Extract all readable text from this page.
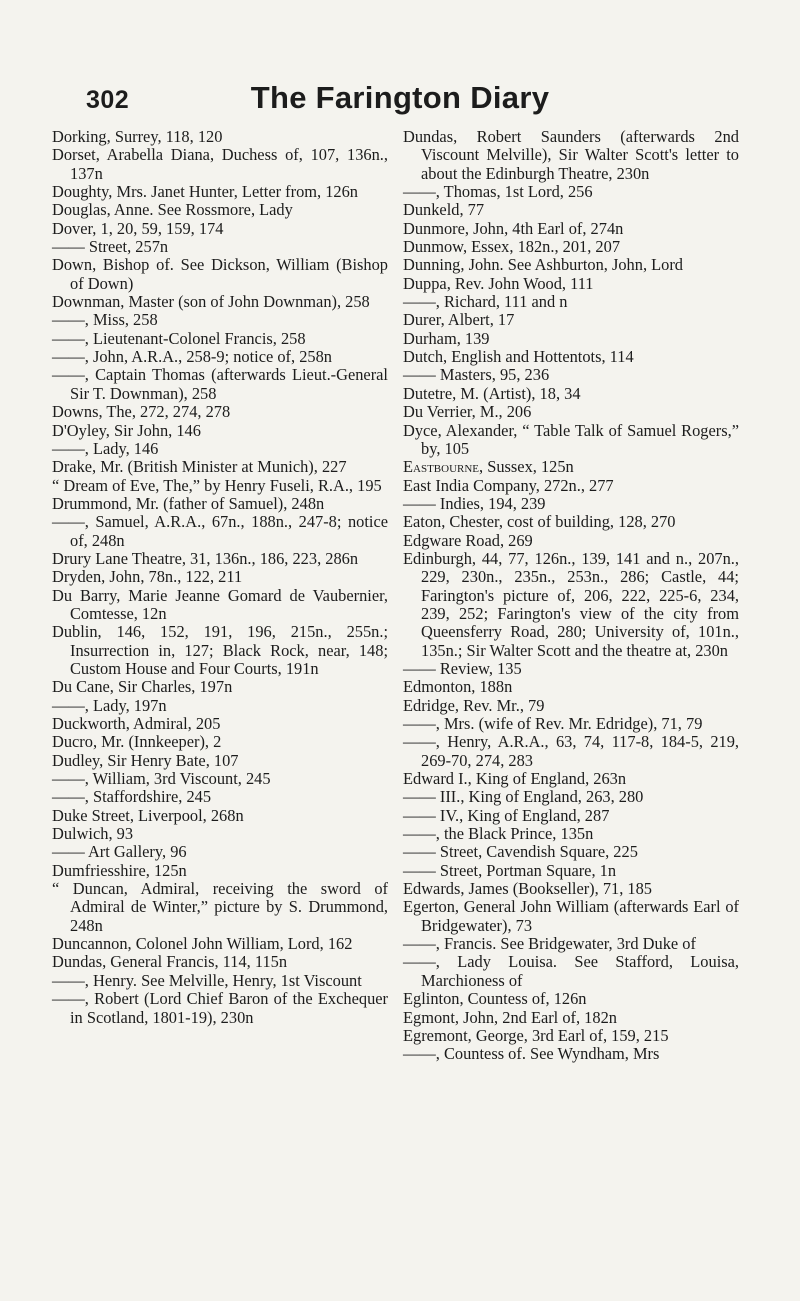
302	The Farington Diary
Dorking, Surrey, 118, 120
Dorset, Arabella Diana, Duchess of, 107, 136n., 137n
Doughty, Mrs. Janet Hunter, Letter from, 126n
Douglas, Anne. See Rossmore, Lady
Dover, 1, 20, 59, 159, 174
—— Street, 257n
Down, Bishop of. See Dickson, William (Bishop of Down)
Downman, Master (son of John Downman), 258
——, Miss, 258
——, Lieutenant-Colonel Francis, 258
——, John, A.R.A., 258-9; notice of, 258n
——, Captain Thomas (afterwards Lieut.-General Sir T. Downman), 258
Downs, The, 272, 274, 278
D'Oyley, Sir John, 146
——, Lady, 146
Drake, Mr. (British Minister at Munich), 227
“ Dream of Eve, The,” by Henry Fuseli, R.A., 195
Drummond, Mr. (father of Samuel), 248n
——, Samuel, A.R.A., 67n., 188n., 247-8; notice of, 248n
Drury Lane Theatre, 31, 136n., 186, 223, 286n
Dryden, John, 78n., 122, 211
Du Barry, Marie Jeanne Gomard de Vaubernier, Comtesse, 12n
Dublin, 146, 152, 191, 196, 215n., 255n.; Insurrection in, 127; Black Rock, near, 148; Custom House and Four Courts, 191n
Du Cane, Sir Charles, 197n
——, Lady, 197n
Duckworth, Admiral, 205
Ducro, Mr. (Innkeeper), 2
Dudley, Sir Henry Bate, 107
——, William, 3rd Viscount, 245
——, Staffordshire, 245
Duke Street, Liverpool, 268n
Dulwich, 93
—— Art Gallery, 96
Dumfriesshire, 125n
“ Duncan, Admiral, receiving the sword of Admiral de Winter,” picture by S. Drummond, 248n
Duncannon, Colonel John William, Lord, 162
Dundas, General Francis, 114, 115n
——, Henry. See Melville, Henry, 1st Viscount
——, Robert (Lord Chief Baron of the Exchequer in Scotland, 1801-19), 230n
Dundas, Robert Saunders (afterwards 2nd Viscount Melville), Sir Walter Scott's letter to about the Edinburgh Theatre, 230n
——, Thomas, 1st Lord, 256
Dunkeld, 77
Dunmore, John, 4th Earl of, 274n
Dunmow, Essex, 182n., 201, 207
Dunning, John. See Ashburton, John, Lord
Duppa, Rev. John Wood, 111
——, Richard, 111 and n
Durer, Albert, 17
Durham, 139
Dutch, English and Hottentots, 114
—— Masters, 95, 236
Dutetre, M. (Artist), 18, 34
Du Verrier, M., 206
Dyce, Alexander, “ Table Talk of Samuel Rogers,” by, 105
Eastbourne, Sussex, 125n
East India Company, 272n., 277
—— Indies, 194, 239
Eaton, Chester, cost of building, 128, 270
Edgware Road, 269
Edinburgh, 44, 77, 126n., 139, 141 and n., 207n., 229, 230n., 235n., 253n., 286; Castle, 44; Farington's picture of, 206, 222, 225-6, 234, 239, 252; Farington's view of the city from Queensferry Road, 280; University of, 101n., 135n.; Sir Walter Scott and the theatre at, 230n
—— Review, 135
Edmonton, 188n
Edridge, Rev. Mr., 79
——, Mrs. (wife of Rev. Mr. Edridge), 71, 79
——, Henry, A.R.A., 63, 74, 117-8, 184-5, 219, 269-70, 274, 283
Edward I., King of England, 263n
—— III., King of England, 263, 280
—— IV., King of England, 287
——, the Black Prince, 135n
—— Street, Cavendish Square, 225
—— Street, Portman Square, 1n
Edwards, James (Bookseller), 71, 185
Egerton, General John William (afterwards Earl of Bridgewater), 73
——, Francis. See Bridgewater, 3rd Duke of
——, Lady Louisa. See Stafford, Louisa, Marchioness of
Eglinton, Countess of, 126n
Egmont, John, 2nd Earl of, 182n
Egremont, George, 3rd Earl of, 159, 215
——, Countess of. See Wyndham, Mrs
